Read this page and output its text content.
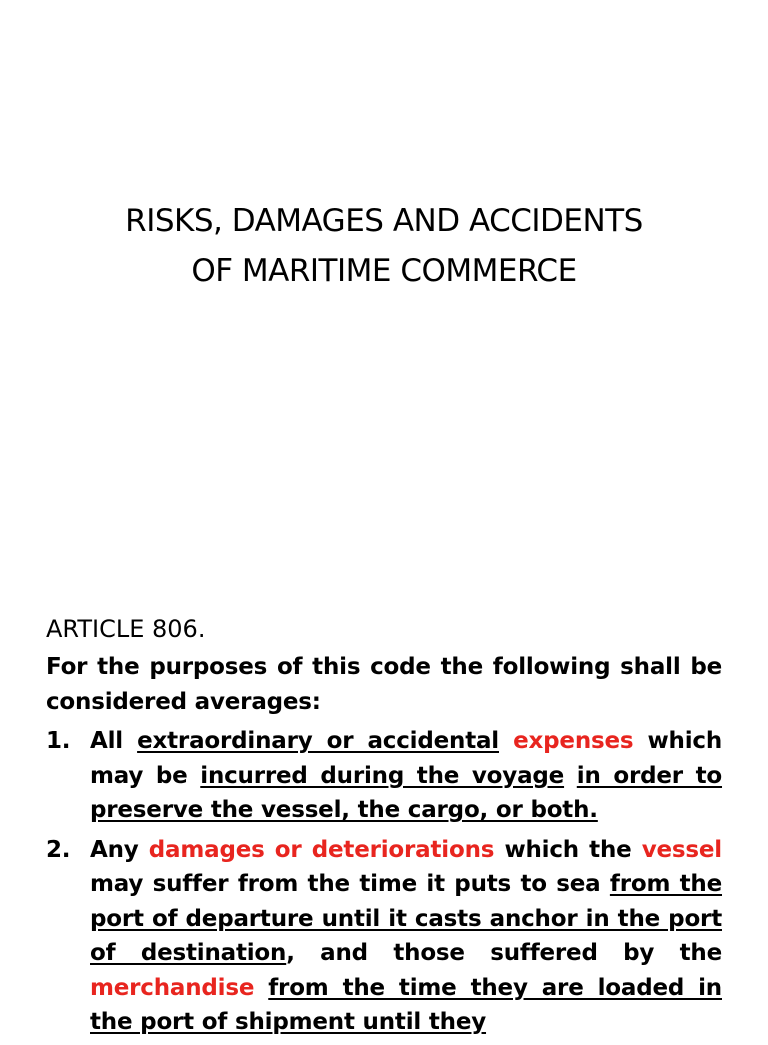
RISKS, DAMAGES AND ACCIDENTS
OF MARITIME COMMERCE
ARTICLE 806.
For the purposes of this code the following shall be considered averages:
1. All extraordinary or accidental expenses which may be incurred during the voyage in order to preserve the vessel, the cargo, or both.
2. Any damages or deteriorations which the vessel may suffer from the time it puts to sea from the port of departure until it casts anchor in the port of destination, and those suffered by the merchandise from the time they are loaded in the port of shipment until they
